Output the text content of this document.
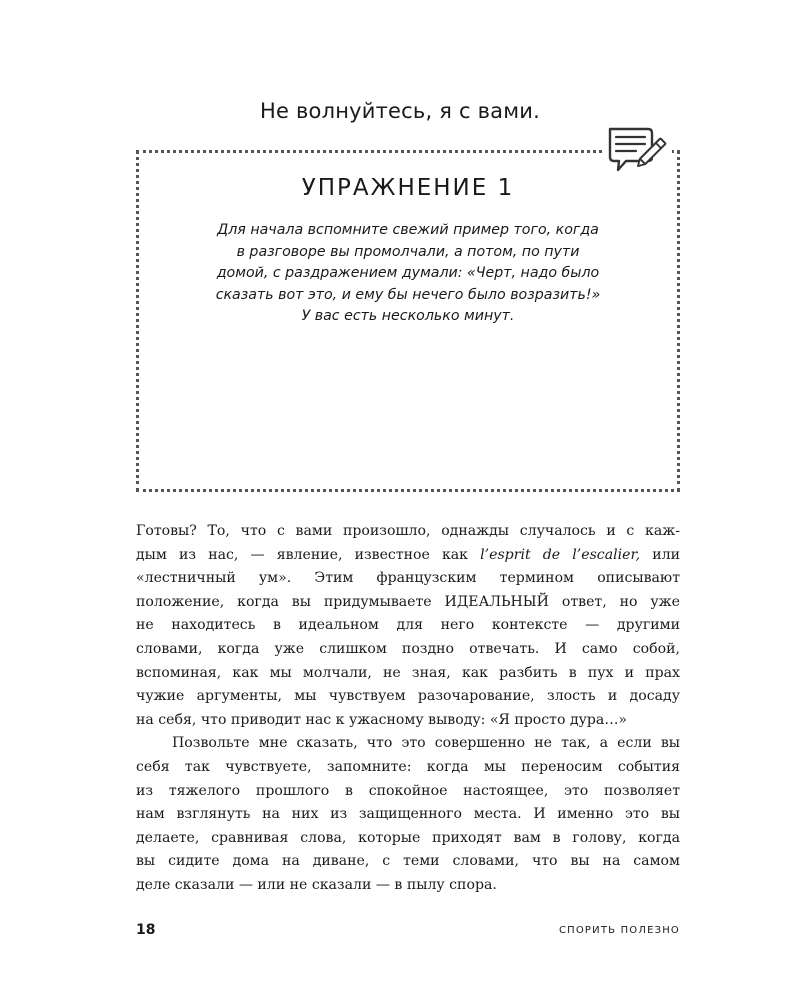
Не волнуйтесь, я с вами.
УПРАЖНЕНИЕ 1
Для начала вспомните свежий пример того, когда
в разговоре вы промолчали, а потом, по пути
домой, с раздражением думали: «Черт, надо было
сказать вот это, и ему бы нечего было возразить!»
У вас есть несколько минут.
Готовы? То, что с вами произошло, однажды случалось и с каж-
дым из нас, — явление, известное как l’esprit de l’escalier, или
«лестничный ум». Этим французским термином описывают
положение, когда вы придумываете ИДЕАЛЬНЫЙ ответ, но уже
не находитесь в идеальном для него контексте — другими
словами, когда уже слишком поздно отвечать. И само собой,
вспоминая, как мы молчали, не зная, как разбить в пух и прах
чужие аргументы, мы чувствуем разочарование, злость и досаду
на себя, что приводит нас к ужасному выводу: «Я просто дура…»
Позвольте мне сказать, что это совершенно не так, а если вы
себя так чувствуете, запомните: когда мы переносим события
из тяжелого прошлого в спокойное настоящее, это позволяет
нам взглянуть на них из защищенного места. И именно это вы
делаете, сравнивая слова, которые приходят вам в голову, когда
вы сидите дома на диване, с теми словами, что вы на самом
деле сказали — или не сказали — в пылу спора.
18	СПОРИТЬ ПОЛЕЗНО
